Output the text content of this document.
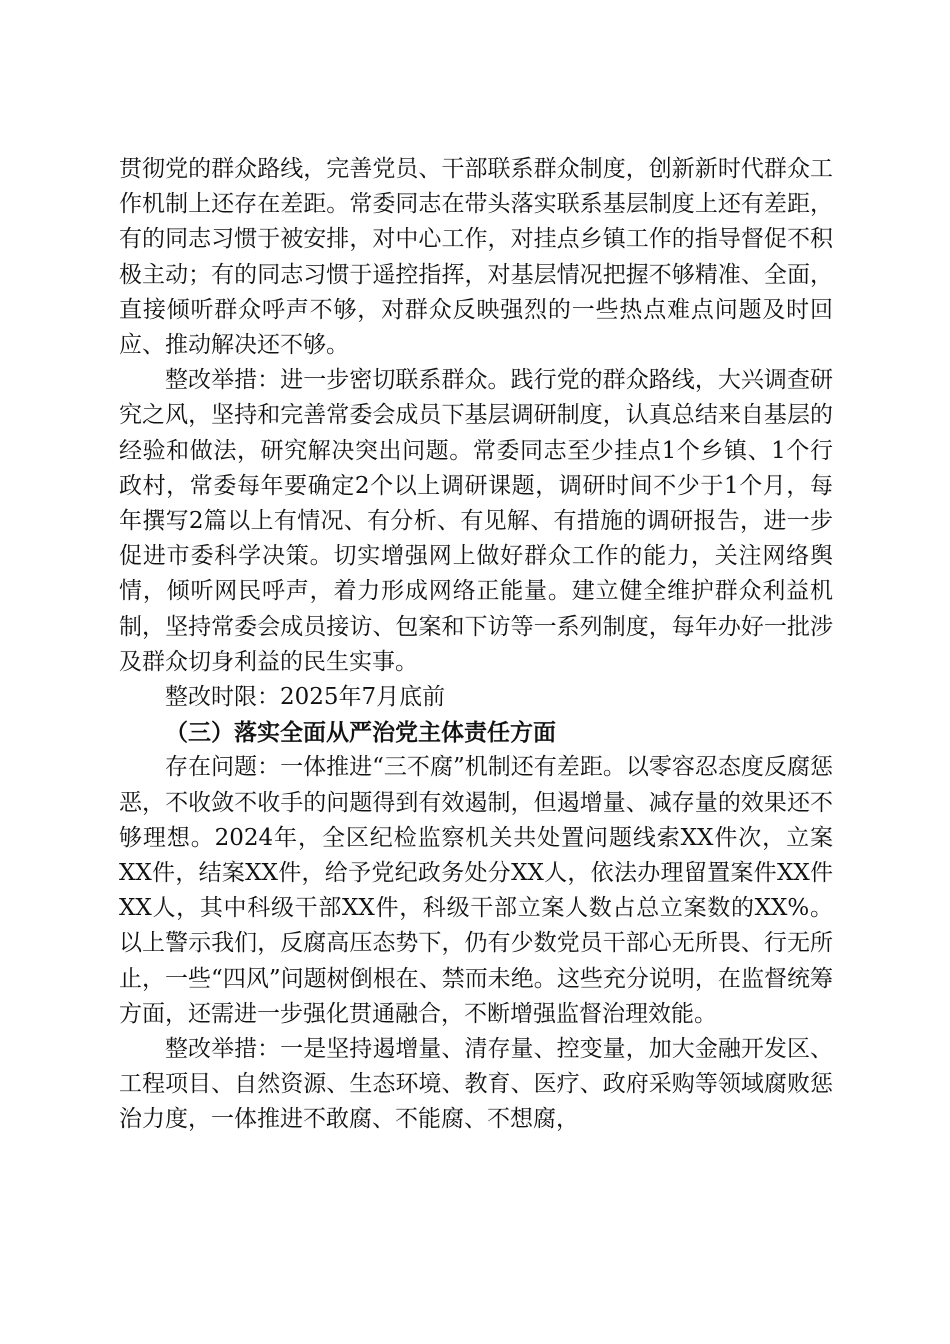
贯彻党的群众路线，完善党员、干部联系群众制度，创新新时代群众工作机制上还存在差距。常委同志在带头落实联系基层制度上还有差距，有的同志习惯于被安排，对中心工作，对挂点乡镇工作的指导督促不积极主动；有的同志习惯于遥控指挥，对基层情况把握不够精准、全面，直接倾听群众呼声不够，对群众反映强烈的一些热点难点问题及时回应、推动解决还不够。

整改举措：进一步密切联系群众。践行党的群众路线，大兴调查研究之风，坚持和完善常委会成员下基层调研制度，认真总结来自基层的经验和做法，研究解决突出问题。常委同志至少挂点1个乡镇、1个行政村，常委每年要确定2个以上调研课题，调研时间不少于1个月，每年撰写2篇以上有情况、有分析、有见解、有措施的调研报告，进一步促进市委科学决策。切实增强网上做好群众工作的能力，关注网络舆情，倾听网民呼声，着力形成网络正能量。建立健全维护群众利益机制，坚持常委会成员接访、包案和下访等一系列制度，每年办好一批涉及群众切身利益的民生实事。

整改时限：2025年7月底前

（三）落实全面从严治党主体责任方面

存在问题：一体推进“三不腐”机制还有差距。以零容忍态度反腐惩恶，不收敛不收手的问题得到有效遏制，但遏增量、减存量的效果还不够理想。2024年，全区纪检监察机关共处置问题线索XX件次，立案XX件，结案XX件，给予党纪政务处分XX人，依法办理留置案件XX件XX人，其中科级干部XX件，科级干部立案人数占总立案数的XX%。以上警示我们，反腐高压态势下，仍有少数党员干部心无所畏、行无所止，一些“四风”问题树倒根在、禁而未绝。这些充分说明，在监督统筹方面，还需进一步强化贯通融合，不断增强监督治理效能。

整改举措：一是坚持遏增量、清存量、控变量，加大金融开发区、工程项目、自然资源、生态环境、教育、医疗、政府采购等领域腐败惩治力度，一体推进不敢腐、不能腐、不想腐，
